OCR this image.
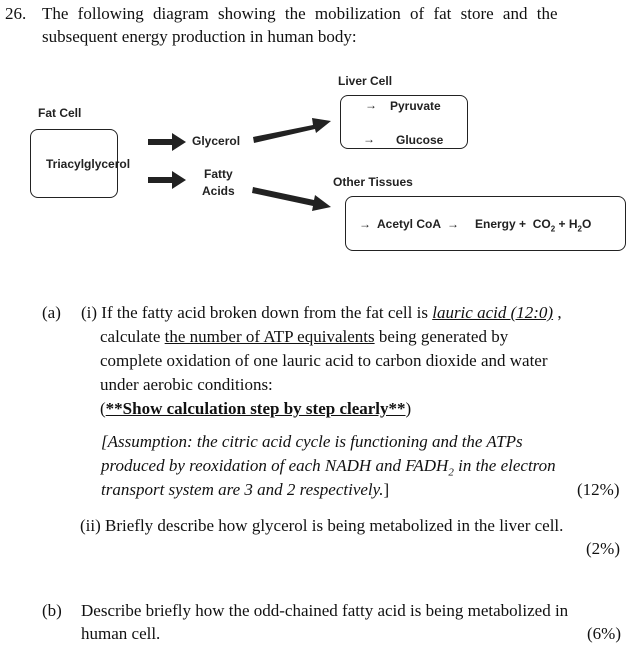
26. The following diagram showing the mobilization of fat store and the
subsequent energy production in human body:
Fat Cell
Triacylglycerol
Glycerol
Fatty
Acids
Liver Cell
→ Pyruvate
→ Glucose
Other Tissues
→ Acetyl CoA → Energy + $CO_2 + H_2O$
(a) (i) If the fatty acid broken down from the fat cell is lauric acid (12:0) ,
calculate the number of ATP equivalents being generated by
complete oxidation of one lauric acid to carbon dioxide and water
under aerobic conditions:
(**Show calculation step by step clearly**)
[Assumption: the citric acid cycle is functioning and the ATPs
produced by reoxidation of each NADH and $FADH_2$ in the electron
transport system are 3 and 2 respectively.]	(12%)
(ii) Briefly describe how glycerol is being metabolized in the liver cell.
(2%)
(b) Describe briefly how the odd-chained fatty acid is being metabolized in
human cell.	(6%)
